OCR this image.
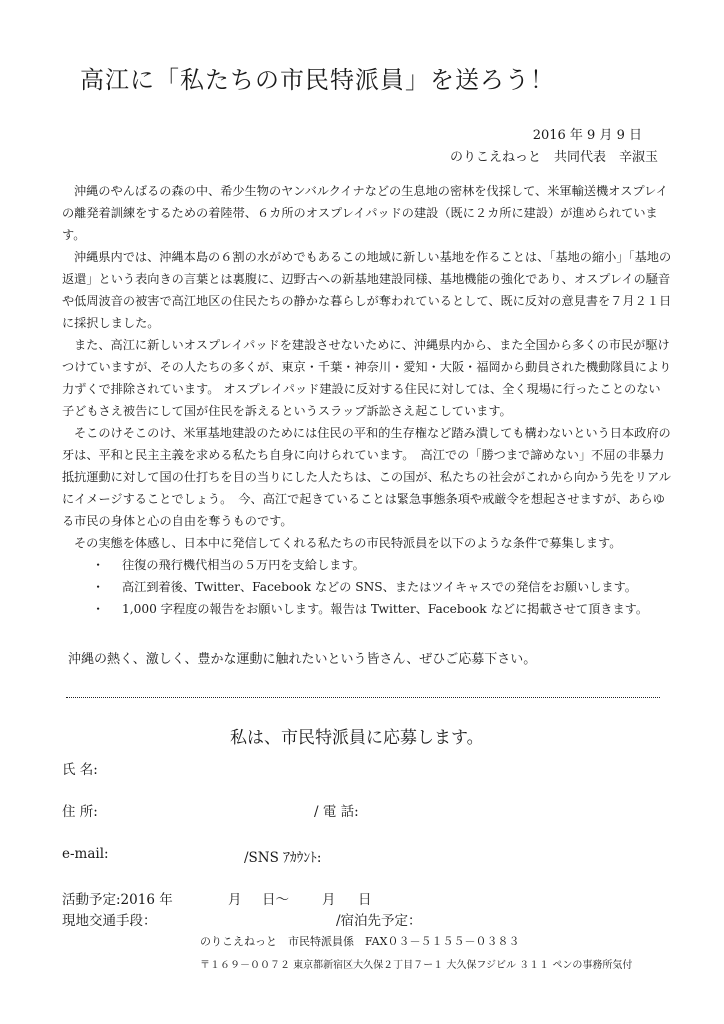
高江に「私たちの市民特派員」を送ろう！
2016 年 9 月 9 日
のりこえねっと　共同代表　辛淑玉

沖縄のやんばるの森の中、希少生物のヤンバルクイナなどの生息地の密林を伐採して、米軍輸送機オスプレイの離発着訓練をするための着陸帯、６カ所のオスプレイパッドの建設（既に２カ所に建設）が進められています。

沖縄県内では、沖縄本島の６割の水がめでもあるこの地域に新しい基地を作ることは、「基地の縮小」「基地の返還」という表向きの言葉とは裏腹に、辺野古への新基地建設同様、基地機能の強化であり、オスプレイの騒音や低周波音の被害で高江地区の住民たちの静かな暮らしが奪われているとして、既に反対の意見書を７月２１日に採択しました。

また、高江に新しいオスプレイパッドを建設させないために、沖縄県内から、また全国から多くの市民が駆けつけていますが、その人たちの多くが、東京・千葉・神奈川・愛知・大阪・福岡から動員された機動隊員により力ずくで排除されています。 オスプレイパッド建設に反対する住民に対しては、全く現場に行ったことのない子どもさえ被告にして国が住民を訴えるというスラップ訴訟さえ起こしています。

そこのけそこのけ、米軍基地建設のためには住民の平和的生存権など踏み潰しても構わないという日本政府の牙は、平和と民主主義を求める私たち自身に向けられています。　高江での「勝つまで諦めない」不屈の非暴力抵抗運動に対して国の仕打ちを目の当りにした人たちは、この国が、私たちの社会がこれから向かう先をリアルにイメージすることでしょう。　今、高江で起きていることは緊急事態条項や戒厳令を想起させますが、あらゆる市民の身体と心の自由を奪うものです。

その実態を体感し、日本中に発信してくれる私たちの市民特派員を以下のような条件で募集します。

・ 往復の飛行機代相当の５万円を支給します。
・ 高江到着後、Twitter、Facebook などの SNS、またはツイキャスでの発信をお願いします。
・ 1,000 字程度の報告をお願いします。報告は Twitter、Facebook などに掲載させて頂きます。
沖縄の熱く、激しく、豊かな運動に触れたいという皆さん、ぜひご応募下さい。
私は、市民特派員に応募します。
氏 名:
住 所:	/ 電 話:
e-mail:	/SNS ｱｶｳﾝﾄ:
活動予定:2016 年	月 日〜 月 日
現地交通手段：	/宿泊先予定：
のりこえねっと　市民特派員係　FAX０３－５１５５－０３８３
〒１６９－００７２ 東京都新宿区大久保２丁目７ー１ 大久保フジビル ３１１ ペンの事務所気付
